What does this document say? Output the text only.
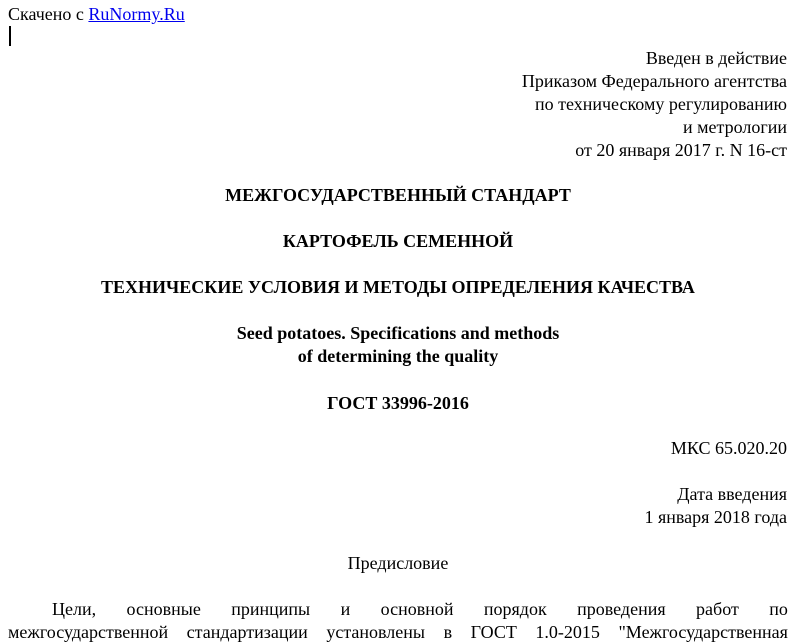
Скачено с RuNormy.Ru
Введен в действие
Приказом Федерального агентства
по техническому регулированию
и метрологии
от 20 января 2017 г. N 16-ст
МЕЖГОСУДАРСТВЕННЫЙ СТАНДАРТ
КАРТОФЕЛЬ СЕМЕННОЙ
ТЕХНИЧЕСКИЕ УСЛОВИЯ И МЕТОДЫ ОПРЕДЕЛЕНИЯ КАЧЕСТВА
Seed potatoes. Specifications and methods
of determining the quality
ГОСТ 33996-2016
МКС 65.020.20
Дата введения
1 января 2018 года
Предисловие
Цели, основные принципы и основной порядок проведения работ по
межгосударственной стандартизации установлены в ГОСТ 1.0-2015 "Межгосударственная
